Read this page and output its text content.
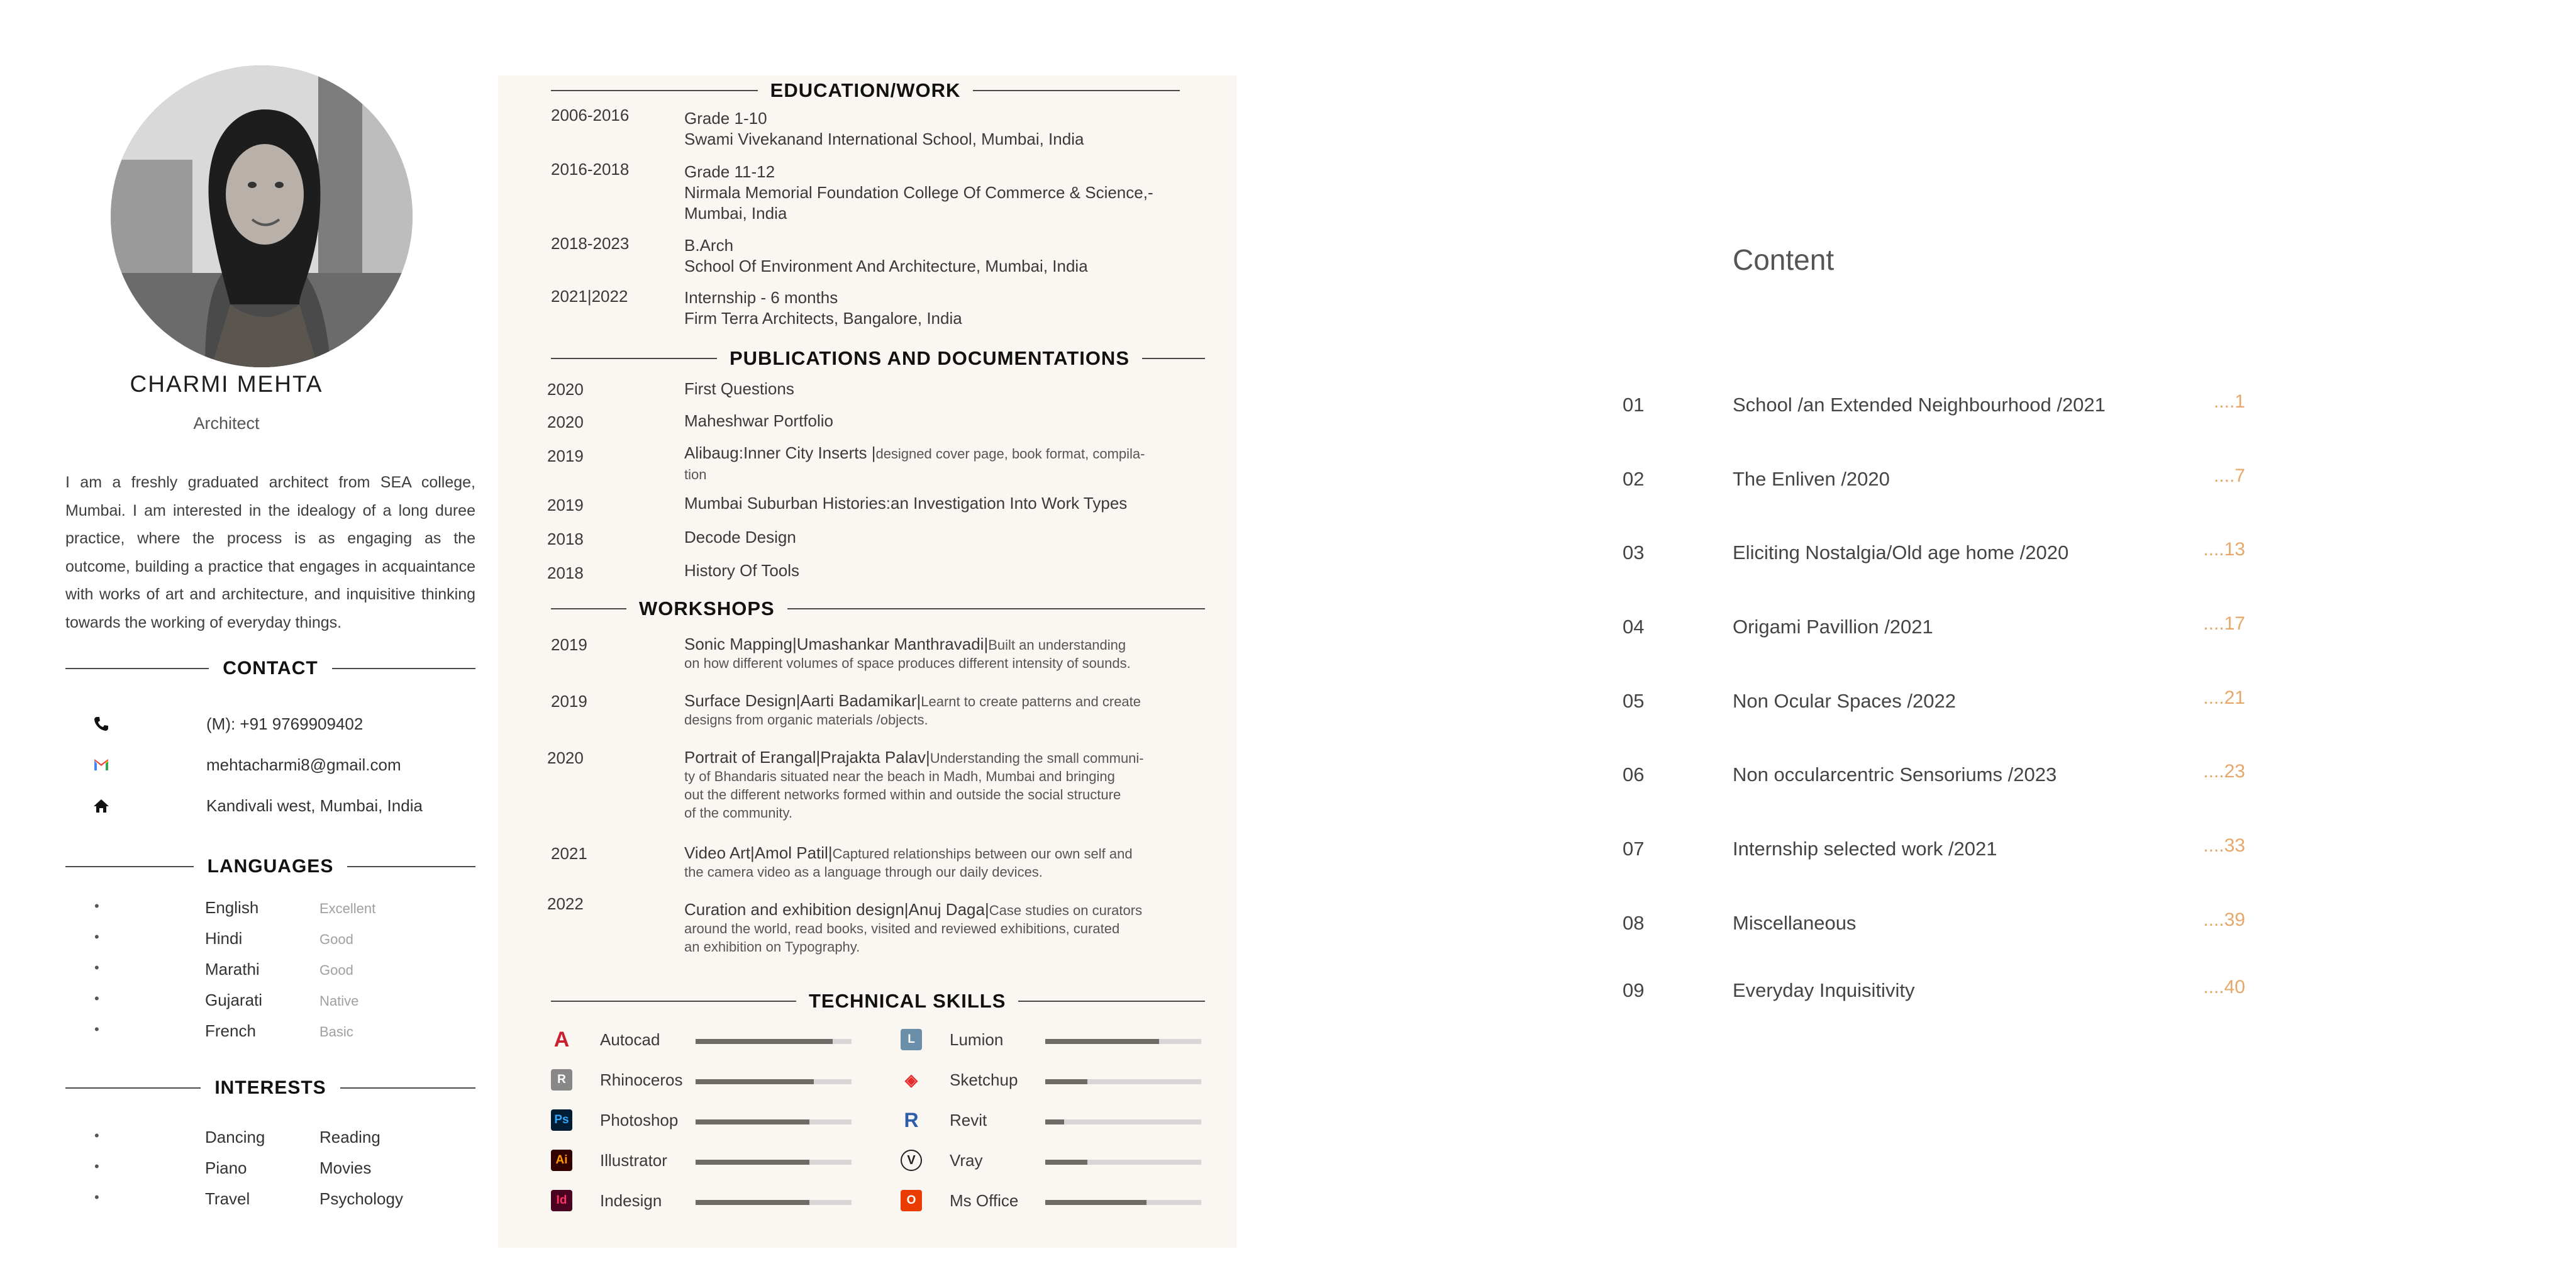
CHARMI MEHTA
Architect
I am a freshly graduated architect from SEA college, Mumbai. I am interested in the idealogy of a long duree practice, where the process is as engaging as the outcome, building a practice that engages in acquaintance with works of art and architecture, and inquisitive thinking towards the working of everyday things.
CONTACT
(M): +91 9769909402
mehtacharmi8@gmail.com
Kandivali west, Mumbai, India
LANGUAGES
•	English	Excellent
•	Hindi	Good
•	Marathi	Good
•	Gujarati	Native
•	French	Basic
INTERESTS
•	Dancing	Reading
•	Piano	Movies
•	Travel	Psychology
EDUCATION/WORK
2006-2016	Grade 1-10
Swami Vivekanand International School, Mumbai, India
2016-2018	Grade 11-12
Nirmala Memorial Foundation College Of Commerce & Science,-
Mumbai, India
2018-2023	B.Arch
School Of Environment And Architecture, Mumbai, India
2021|2022	Internship - 6 months
Firm Terra Architects, Bangalore, India
PUBLICATIONS AND DOCUMENTATIONS
2020	First Questions
2020	Maheshwar Portfolio
2019	Alibaug:Inner City Inserts |designed cover page, book format, compila-
tion
2019	Mumbai Suburban Histories:an Investigation Into Work Types
2018	Decode Design
2018	History Of Tools
WORKSHOPS
2019	Sonic Mapping|Umashankar Manthravadi|Built an understanding
on how different volumes of space produces different intensity of sounds.
2019	Surface Design|Aarti Badamikar|Learnt to create patterns and create
designs from organic materials /objects.
2020	Portrait of Erangal|Prajakta Palav|Understanding the small communi-
ty of Bhandaris situated near the beach in Madh, Mumbai and bringing
out the different networks formed within and outside the social structure
of the community.
2021	Video Art|Amol Patil|Captured relationships between our own self and
the camera video as a language through our daily devices.
2022	Curation and exhibition design|Anuj Daga|Case studies on curators
around the world, read books, visited and reviewed exhibitions, curated
an exhibition on Typography.
TECHNICAL SKILLS
A Autocad
R	Rhinoceros
Ps Photoshop
Ai Illustrator
Id	Indesign
L	Lumion
◈ Sketchup
R Revit
V	Vray
O	Ms Office
Content
01	School /an Extended Neighbourhood /2021	....1
02	The Enliven /2020	....7
03	Eliciting Nostalgia/Old age home /2020	....13
04	Origami Pavillion /2021	....17
05	Non Ocular Spaces /2022	....21
06	Non occularcentric Sensoriums /2023	....23
07	Internship selected work /2021	....33
08	Miscellaneous	....39
09	Everyday Inquisitivity	....40
